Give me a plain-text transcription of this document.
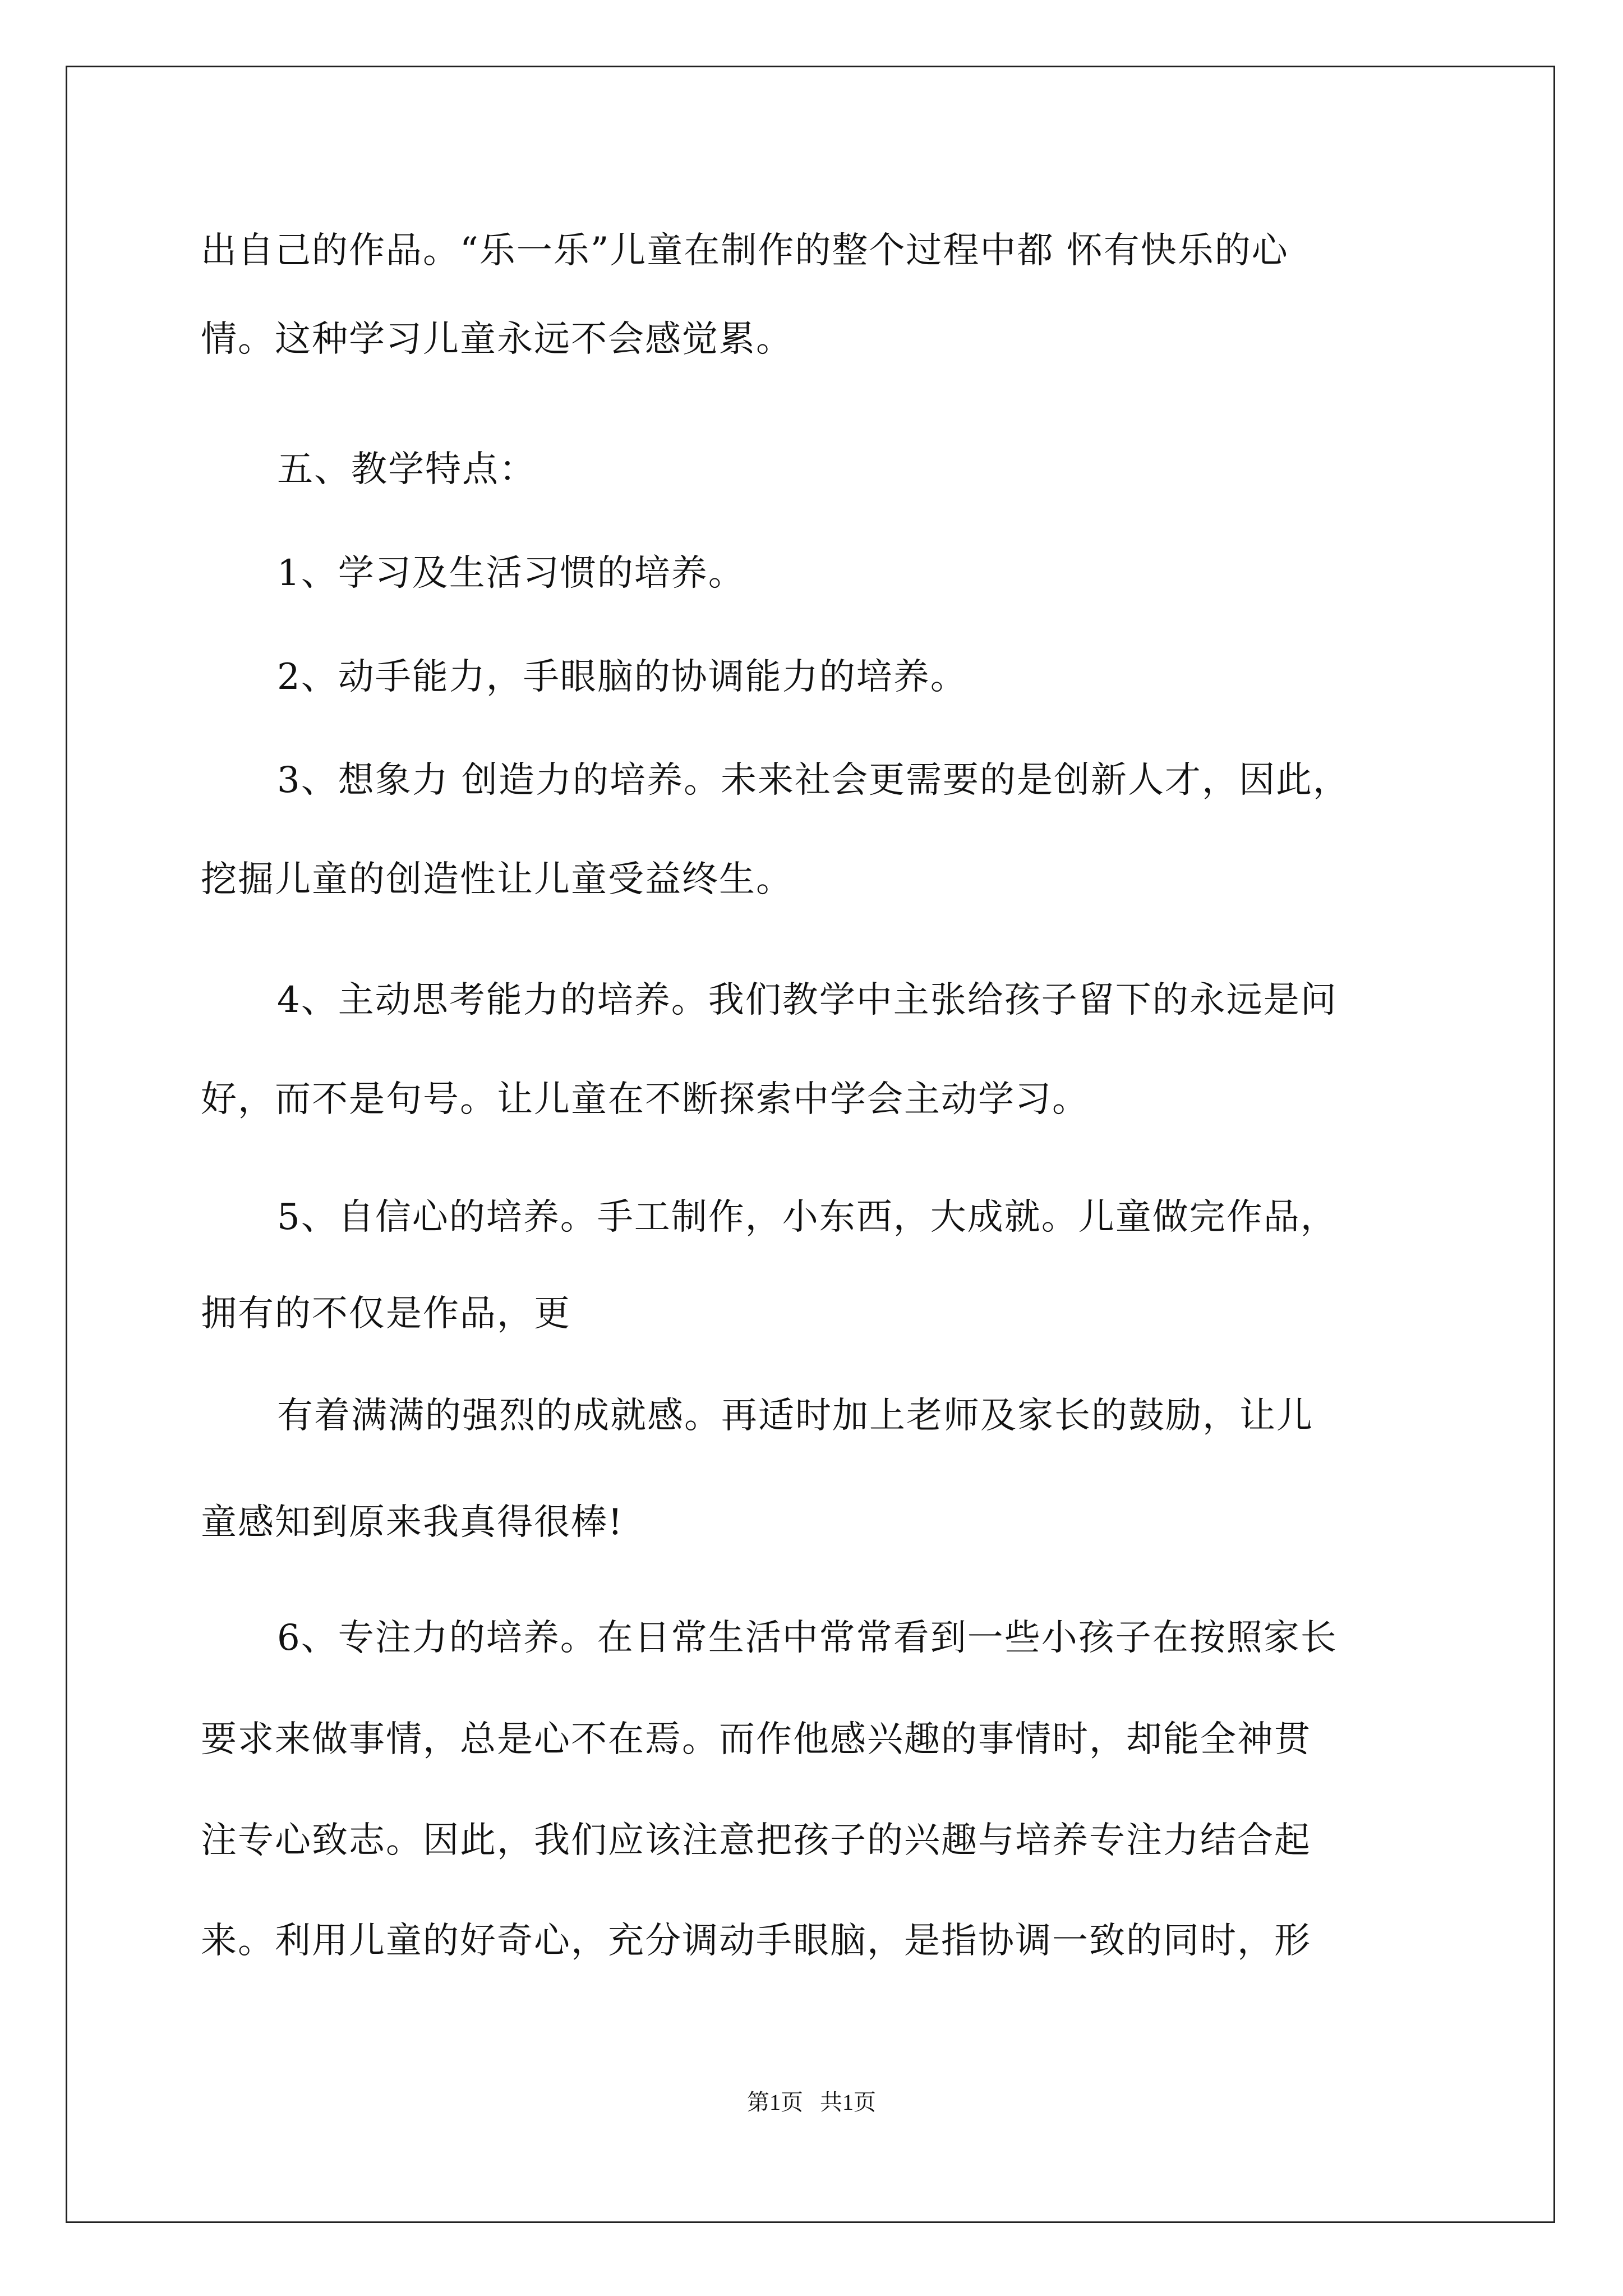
出自己的作品。“乐一乐”儿童在制作的整个过程中都 怀有快乐的心
情。这种学习儿童永远不会感觉累。
五、教学特点：
1、学习及生活习惯的培养。
2、动手能力，手眼脑的协调能力的培养。
3、想象力 创造力的培养。未来社会更需要的是创新人才，因此，
挖掘儿童的创造性让儿童受益终生。
4、主动思考能力的培养。我们教学中主张给孩子留下的永远是问
好，而不是句号。让儿童在不断探索中学会主动学习。
5、自信心的培养。手工制作，小东西，大成就。儿童做完作品，
拥有的不仅是作品，更
有着满满的强烈的成就感。再适时加上老师及家长的鼓励，让儿
童感知到原来我真得很棒!
6、专注力的培养。在日常生活中常常看到一些小孩子在按照家长
要求来做事情，总是心不在焉。而作他感兴趣的事情时，却能全神贯
注专心致志。因此，我们应该注意把孩子的兴趣与培养专注力结合起
来。利用儿童的好奇心，充分调动手眼脑，是指协调一致的同时，形
第1页   共1页
